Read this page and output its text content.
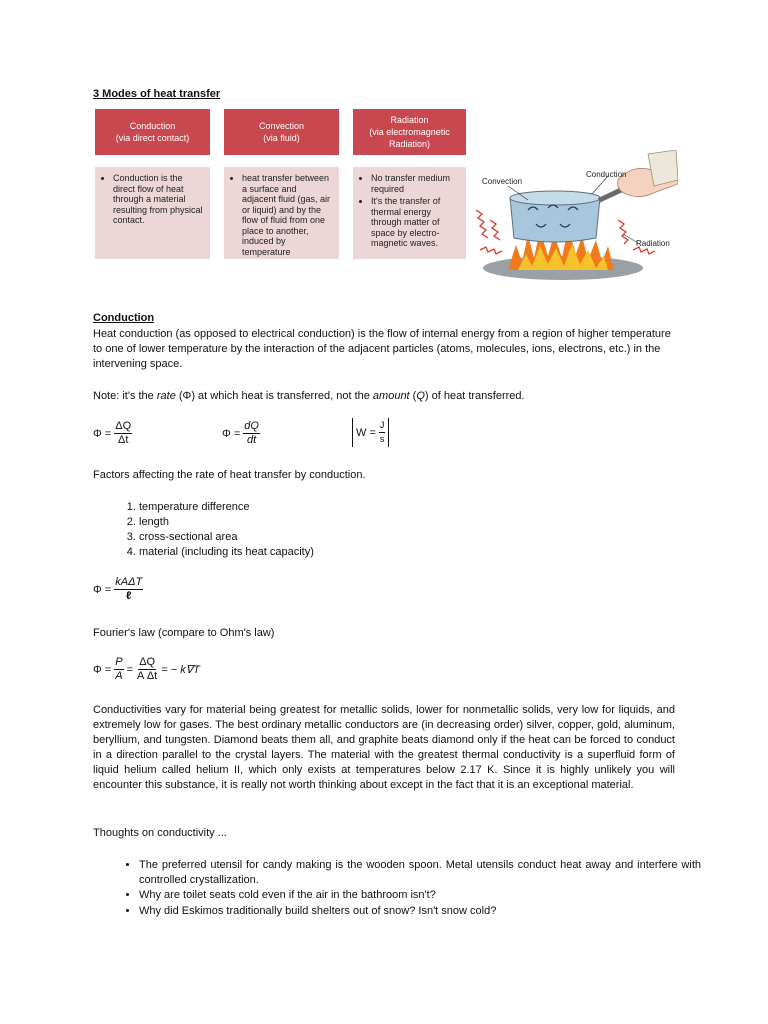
3 Modes of heat transfer
Conduction
(via direct contact)
Convection
(via fluid)
Radiation
(via electromagnetic Radiation)
• Conduction is the direct flow of heat through a material resulting from physical contact.
• heat transfer between a surface and adjacent fluid (gas, air or liquid) and by the flow of fluid from one place to another, induced by temperature
• No transfer medium required
• It's the transfer of thermal energy through matter of space by electro-magnetic waves.
Convection
Conduction
Radiation
Conduction

Heat conduction (as opposed to electrical conduction) is the flow of internal energy from a region of higher temperature to one of lower temperature by the interaction of the adjacent particles (atoms, molecules, ions, electrons, etc.) in the intervening space.

Note: it's the rate (Φ) at which heat is transferred, not the amount (Q) of heat transferred.

$\Phi = \frac{\Delta Q}{\Delta t}$	$\Phi = \frac{dQ}{dt}$	$W = \frac{J}{s}$

Factors affecting the rate of heat transfer by conduction.

1. temperature difference
2. length
3. cross-sectional area
4. material (including its heat capacity)
$\Phi = \frac{\text{kAΔT}}{\text{ℓ}}$

Fourier's law (compare to Ohm's law)

$\Phi = \frac{P}{A} = \frac{\Delta Q}{\text{A Δt}}$ = − k∇T

Conductivities vary for material being greatest for metallic solids, lower for nonmetallic solids, very low for liquids, and extremely low for gases. The best ordinary metallic conductors are (in decreasing order) silver, copper, gold, aluminum, beryllium, and tungsten. Diamond beats them all, and graphite beats diamond only if the heat can be forced to conduct in a direction parallel to the crystal layers. The material with the greatest thermal conductivity is a superfluid form of liquid helium called helium II, which only exists at temperatures below 2.17 K. Since it is highly unlikely you will encounter this substance, it is really not worth thinking about except in the fact that it is an exceptional material.

Thoughts on conductivity ...

• The preferred utensil for candy making is the wooden spoon. Metal utensils conduct heat away and interfere with controlled crystallization.
• Why are toilet seats cold even if the air in the bathroom isn't?
• Why did Eskimos traditionally build shelters out of snow? Isn't snow cold?
